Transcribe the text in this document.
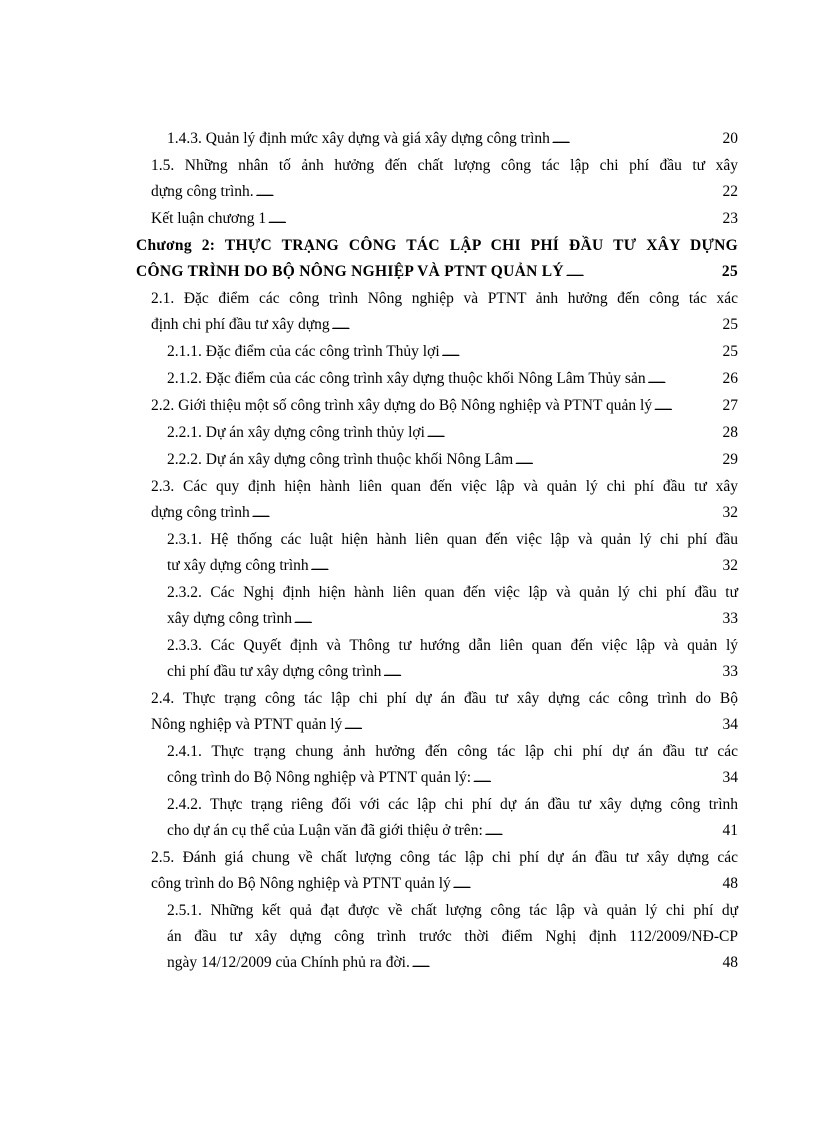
1.4.3. Quản lý định mức xây dựng và giá xây dựng công trình . . .	20
1.5. Những nhân tố ảnh hưởng đến chất lượng công tác lập chi phí đầu tư xây
dựng công trình. . . .	22
Kết luận chương 1 . . .	23
Chương 2: THỰC TRẠNG CÔNG TÁC LẬP CHI PHÍ ĐẦU TƯ XÂY DỰNG
CÔNG TRÌNH DO BỘ NÔNG NGHIỆP VÀ PTNT QUẢN LÝ . . .	25
2.1. Đặc điểm các công trình Nông nghiệp và PTNT ảnh hưởng đến công tác xác
định chi phí đầu tư xây dựng . . .	25
2.1.1. Đặc điểm của các công trình Thủy lợi . . .	25
2.1.2. Đặc điểm của các công trình xây dựng thuộc khối Nông Lâm Thủy sản . . .	26
2.2. Giới thiệu một số công trình xây dựng do Bộ Nông nghiệp và PTNT quản lý . . .	27
2.2.1. Dự án xây dựng công trình thủy lợi . . .	28
2.2.2. Dự án xây dựng công trình thuộc khối Nông Lâm . . .	29
2.3. Các quy định hiện hành liên quan đến việc lập và quản lý chi phí đầu tư xây
dựng công trình . . .	32
2.3.1. Hệ thống các luật hiện hành liên quan đến việc lập và quản lý chi phí đầu
tư xây dựng công trình . . .	32
2.3.2. Các Nghị định hiện hành liên quan đến việc lập và quản lý chi phí đầu tư
xây dựng công trình . . .	33
2.3.3. Các Quyết định và Thông tư hướng dẫn liên quan đến việc lập và quản lý
chi phí đầu tư xây dựng công trình . . .	33
2.4. Thực trạng công tác lập chi phí dự án đầu tư xây dựng các công trình do Bộ
Nông nghiệp và PTNT quản lý . . .	34
2.4.1. Thực trạng chung ảnh hưởng đến công tác lập chi phí dự án đầu tư các
công trình do Bộ Nông nghiệp và PTNT quản lý: . . .	34
2.4.2. Thực trạng riêng đối với các lập chi phí dự án đầu tư xây dựng công trình
cho dự án cụ thể của Luận văn đã giới thiệu ở trên: . . .	41
2.5. Đánh giá chung về chất lượng công tác lập chi phí dự án đầu tư xây dựng các
công trình do Bộ Nông nghiệp và PTNT quản lý . . .	48
2.5.1. Những kết quả đạt được về chất lượng công tác lập và quản lý chi phí dự
án đầu tư xây dựng công trình trước thời điểm Nghị định 112/2009/NĐ-CP
ngày 14/12/2009 của Chính phủ ra đời. . . .	48
